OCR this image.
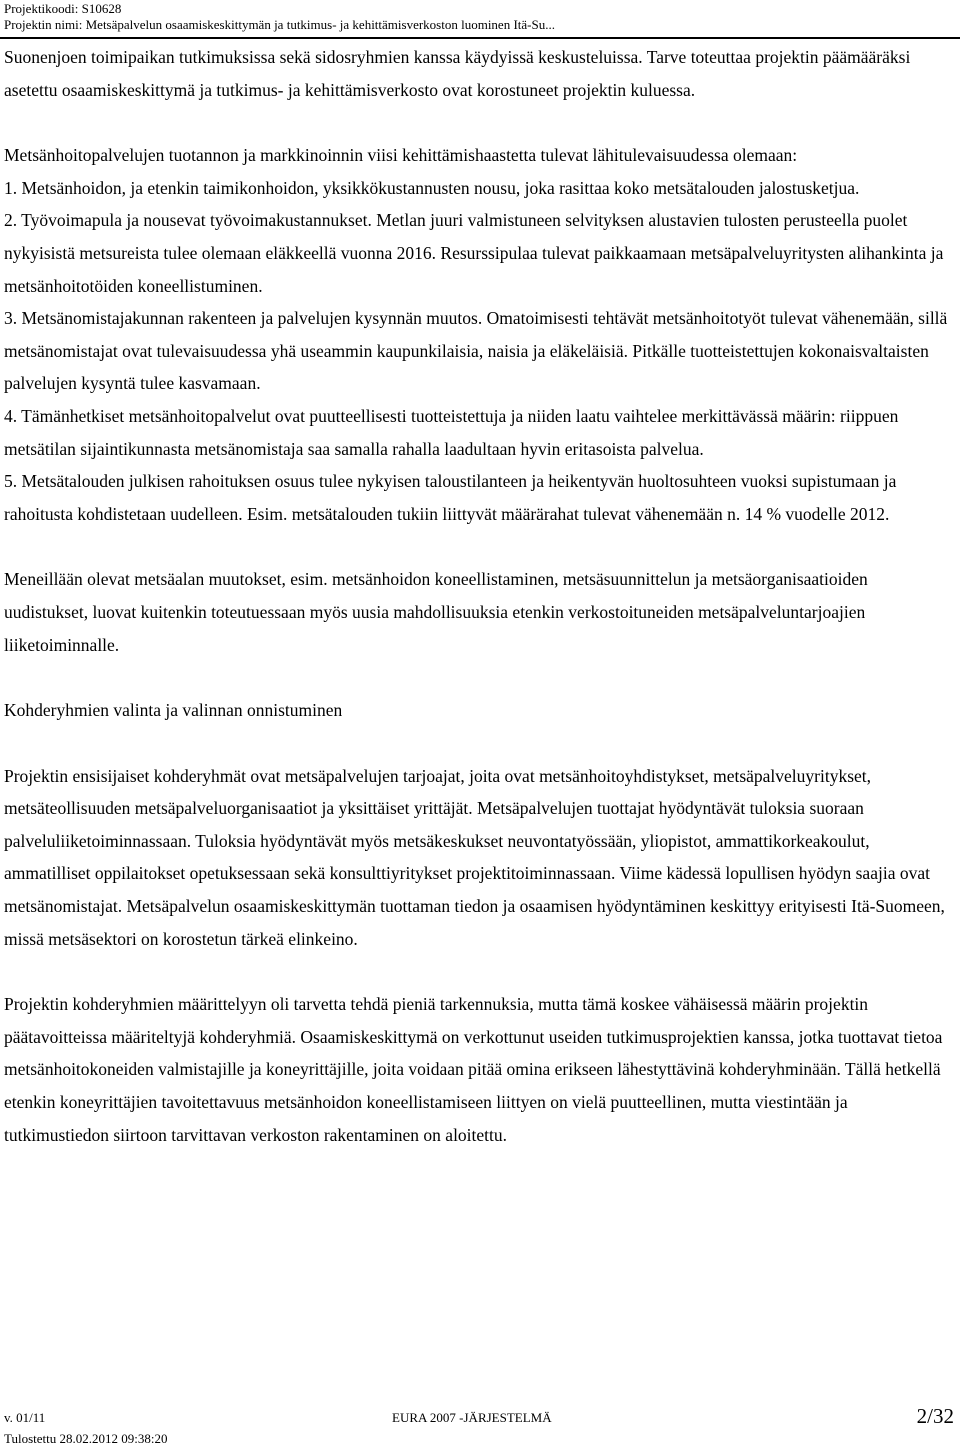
Projektikoodi: S10628
Projektin nimi: Metsäpalvelun osaamiskeskittymän ja tutkimus- ja kehittämisverkoston luominen Itä-Su...

Suonenjoen toimipaikan tutkimuksissa sekä sidosryhmien kanssa käydyissä keskusteluissa. Tarve toteuttaa projektin päämääräksi asetettu osaamiskeskittymä ja tutkimus- ja kehittämisverkosto ovat korostuneet projektin kuluessa.

Metsänhoitopalvelujen tuotannon ja markkinoinnin viisi kehittämishaastetta tulevat lähitulevaisuudessa olemaan:

1. Metsänhoidon, ja etenkin taimikonhoidon, yksikkökustannusten nousu, joka rasittaa koko metsätalouden jalostusketjua.

2. Työvoimapula ja nousevat työvoimakustannukset. Metlan juuri valmistuneen selvityksen alustavien tulosten perusteella puolet nykyisistä metsureista tulee olemaan eläkkeellä vuonna 2016. Resurssipulaa tulevat paikkaamaan metsäpalveluyritysten alihankinta ja metsänhoitotöiden koneellistuminen.

3. Metsänomistajakunnan rakenteen ja palvelujen kysynnän muutos. Omatoimisesti tehtävät metsänhoitotyöt tulevat vähenemään, sillä metsänomistajat ovat tulevaisuudessa yhä useammin kaupunkilaisia, naisia ja eläkeläisiä. Pitkälle tuotteistettujen kokonaisvaltaisten palvelujen kysyntä tulee kasvamaan.

4. Tämänhetkiset metsänhoitopalvelut ovat puutteellisesti tuotteistettuja ja niiden laatu vaihtelee merkittävässä määrin: riippuen metsätilan sijaintikunnasta metsänomistaja saa samalla rahalla laadultaan hyvin eritasoista palvelua.

5. Metsätalouden julkisen rahoituksen osuus tulee nykyisen taloustilanteen ja heikentyvän huoltosuhteen vuoksi supistumaan ja rahoitusta kohdistetaan uudelleen. Esim. metsätalouden tukiin liittyvät määrärahat tulevat vähenemään n. 14 % vuodelle 2012.

Meneillään olevat metsäalan muutokset, esim. metsänhoidon koneellistaminen, metsäsuunnittelun ja metsäorganisaatioiden uudistukset, luovat kuitenkin toteutuessaan myös uusia mahdollisuuksia etenkin verkostoituneiden metsäpalveluntarjoajien liiketoiminnalle.

Kohderyhmien valinta ja valinnan onnistuminen

Projektin ensisijaiset kohderyhmät ovat metsäpalvelujen tarjoajat, joita ovat metsänhoitoyhdistykset, metsäpalveluyritykset, metsäteollisuuden metsäpalveluorganisaatiot ja yksittäiset yrittäjät. Metsäpalvelujen tuottajat hyödyntävät tuloksia suoraan palveluliiketoiminnassaan. Tuloksia hyödyntävät myös metsäkeskukset neuvontatyössään, yliopistot, ammattikorkeakoulut, ammatilliset oppilaitokset opetuksessaan sekä konsulttiyritykset projektitoiminnassaan. Viime kädessä lopullisen hyödyn saajia ovat metsänomistajat. Metsäpalvelun osaamiskeskittymän tuottaman tiedon ja osaamisen hyödyntäminen keskittyy erityisesti Itä-Suomeen, missä metsäsektori on korostetun tärkeä elinkeino.

Projektin kohderyhmien määrittelyyn oli tarvetta tehdä pieniä tarkennuksia, mutta tämä koskee vähäisessä määrin projektin päätavoitteissa määriteltyjä kohderyhmiä. Osaamiskeskittymä on verkottunut useiden tutkimusprojektien kanssa, jotka tuottavat tietoa metsänhoitokoneiden valmistajille ja koneyrittäjille, joita voidaan pitää omina erikseen lähestyttävinä kohderyhminään. Tällä hetkellä etenkin koneyrittäjien tavoitettavuus metsänhoidon koneellistamiseen liittyen on vielä puutteellinen, mutta viestintään ja tutkimustiedon siirtoon tarvittavan verkoston rakentaminen on aloitettu.

v. 01/11	EURA 2007 -JÄRJESTELMÄ	2/32
Tulostettu 28.02.2012 09:38:20
